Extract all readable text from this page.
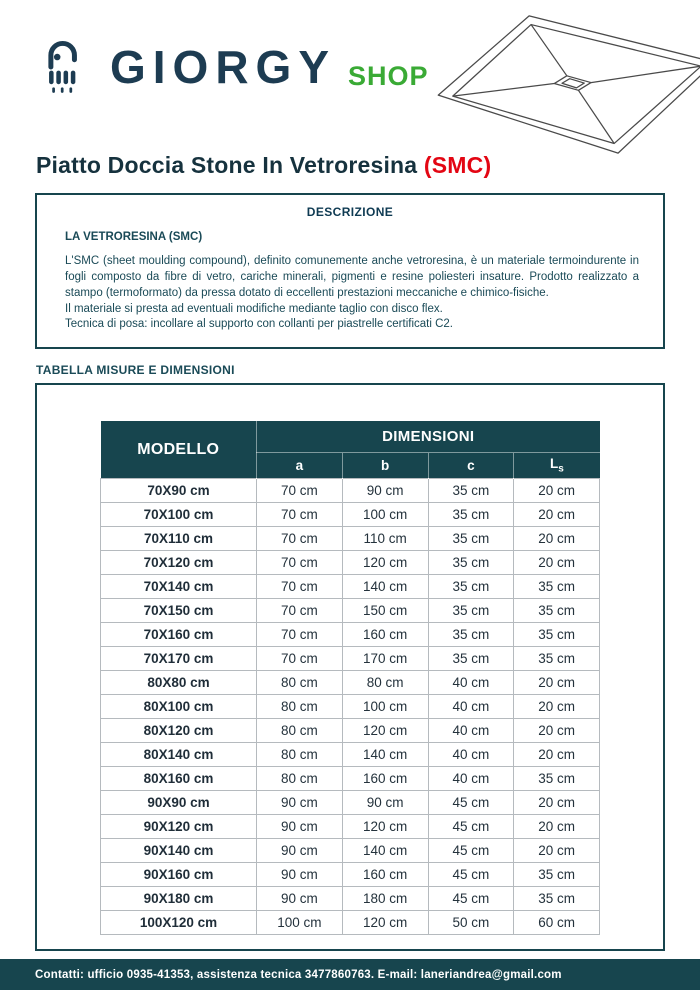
GIORGY SHOP
Piatto Doccia Stone In Vetroresina (SMC)
DESCRIZIONE

LA VETRORESINA (SMC)

L'SMC (sheet moulding compound), definito comunemente anche vetroresina, è un materiale termoindurente in fogli composto da fibre di vetro, cariche minerali, pigmenti e resine poliesteri insature. Prodotto realizzato a stampo (termoformato) da pressa dotato di eccellenti prestazioni meccaniche e chimico-fisiche.

Il materiale si presta ad eventuali modifiche mediante taglio con disco flex.

Tecnica di posa: incollare al supporto con collanti per piastrelle certificati C2.

TABELLA MISURE E DIMENSIONI
MODELLO	DIMENSIONI			
	a	b	c	$L_s$
70X90 cm	70 cm	90 cm	35 cm	20 cm
70X100 cm	70 cm	100 cm	35 cm	20 cm
70X110 cm	70 cm	110 cm	35 cm	20 cm
70X120 cm	70 cm	120 cm	35 cm	20 cm
70X140 cm	70 cm	140 cm	35 cm	35 cm
70X150 cm	70 cm	150 cm	35 cm	35 cm
70X160 cm	70 cm	160 cm	35 cm	35 cm
70X170 cm	70 cm	170 cm	35 cm	35 cm
80X80 cm	80 cm	80 cm	40 cm	20 cm
80X100 cm	80 cm	100 cm	40 cm	20 cm
80X120 cm	80 cm	120 cm	40 cm	20 cm
80X140 cm	80 cm	140 cm	40 cm	20 cm
80X160 cm	80 cm	160 cm	40 cm	35 cm
90X90 cm	90 cm	90 cm	45 cm	20 cm
90X120 cm	90 cm	120 cm	45 cm	20 cm
90X140 cm	90 cm	140 cm	45 cm	20 cm
90X160 cm	90 cm	160 cm	45 cm	35 cm
90X180 cm	90 cm	180 cm	45 cm	35 cm
100X120 cm	100 cm	120 cm	50 cm	60 cm
Contatti: ufficio 0935-41353, assistenza tecnica 3477860763. E-mail: laneriandrea@gmail.com
